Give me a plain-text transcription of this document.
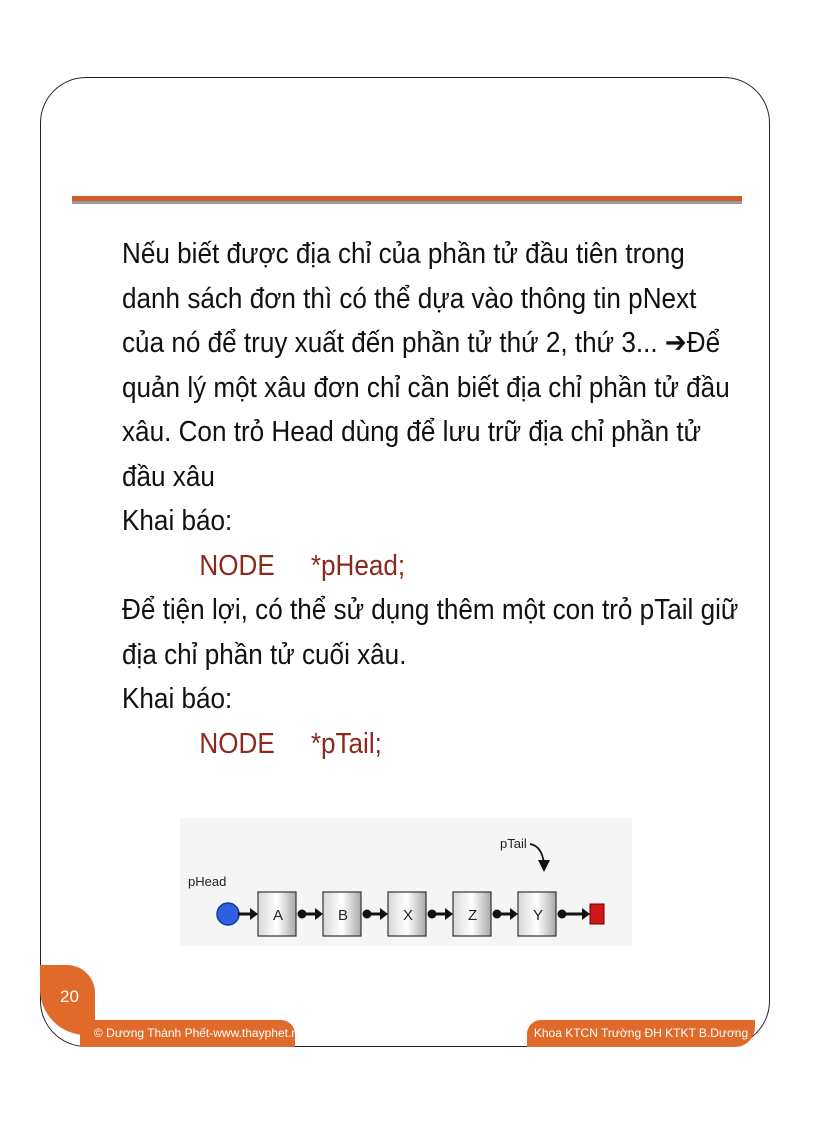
Nếu biết được địa chỉ của phần tử đầu tiên trong danh sách đơn thì có thể dựa vào thông tin pNext của nó để truy xuất đến phần tử thứ 2, thứ 3... ➔Để quản lý một xâu đơn chỉ cần biết địa chỉ phần tử đầu xâu. Con trỏ Head dùng để lưu trữ địa chỉ phần tử đầu xâu

Khai báo:

NODE *pHead;

Để tiện lợi, có thể sử dụng thêm một con trỏ pTail giữ địa chỉ phần tử cuối xâu.

Khai báo:

NODE *pTail;

pHead
pTail
A	B	X	Z	Y
20
© Dương Thành Phết-www.thayphet.net	Khoa KTCN Trường ĐH KTKT B.Dương
